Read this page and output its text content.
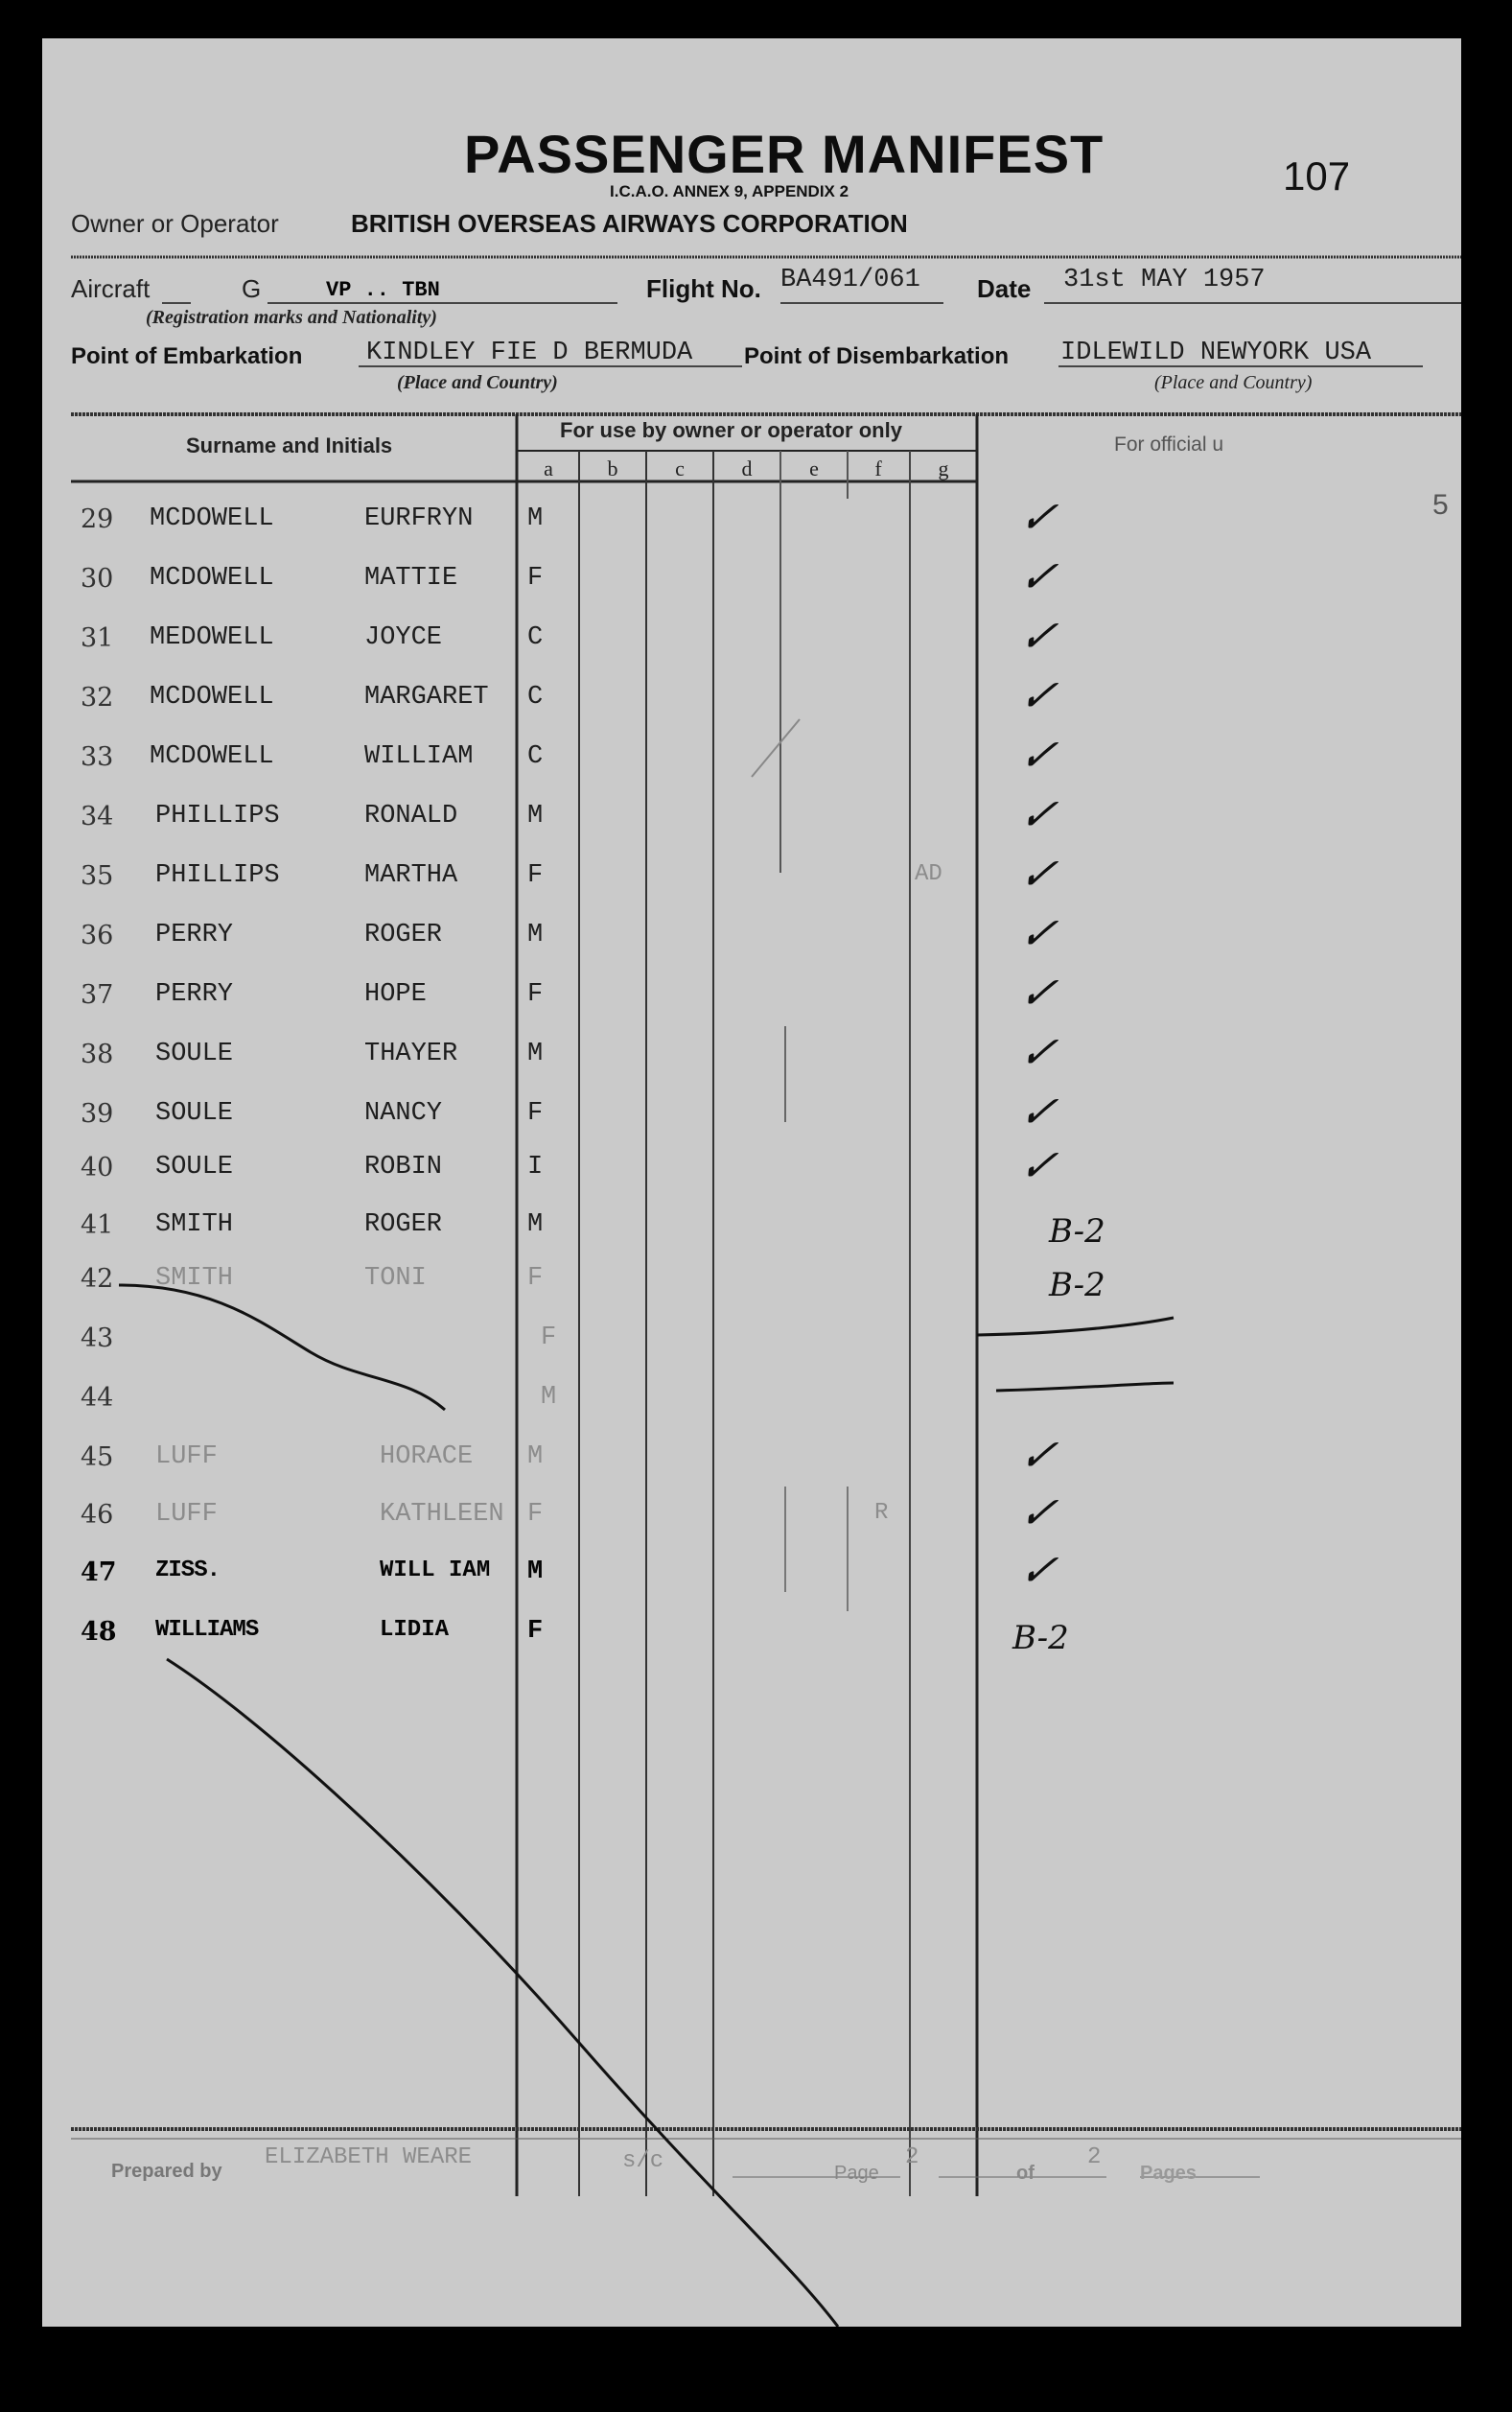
PASSENGER MANIFEST
I.C.A.O. ANNEX 9, APPENDIX 2	107
Owner or Operator	BRITISH OVERSEAS AIRWAYS CORPORATION
Aircraft	G	VP .. TBN
(Registration marks and Nationality)
Flight No. BA491/061 Date 31st MAY 1957
Point of Embarkation KINDLEY FIE D BERMUDA
(Place and Country)
Point of Disembarkation IDLEWILD NEWYORK USA
(Place and Country)
Surname and Initials
For use by owner or operator only
For official u
a	b	c	d	e	f	g
5
29 MCDOWELL	EURFRYN M	✓
30 MCDOWELL	MATTIE	F	✓
31 MEDOWELL	JOYCE	C	✓
32 MCDOWELL	MARGARET C	✓
33 MCDOWELL	WILLIAM C	✓
34 PHILLIPS	RONALD	M	✓
35 PHILLIPS	MARTHA	F	AD ✓
36 PERRY	ROGER	M	✓
37 PERRY	HOPE	F	✓
38 SOULE	THAYER	M	✓
39 SOULE	NANCY	F	✓
40 SOULE	ROBIN	I	✓
41 SMITH	ROGER	M	B-2
42 SMITH	TONI	F	B-2
43	F
44	M
45 LUFF	HORACE M	✓
46 LUFF	KATHLEEN F	R	✓
47 ZISS.	WILL IAM M	✓
48 WILLIAMS	LIDIA	F	B-2
Prepared by
ELIZABETH WEARE	s/c	Page
2
of
2
Pages
